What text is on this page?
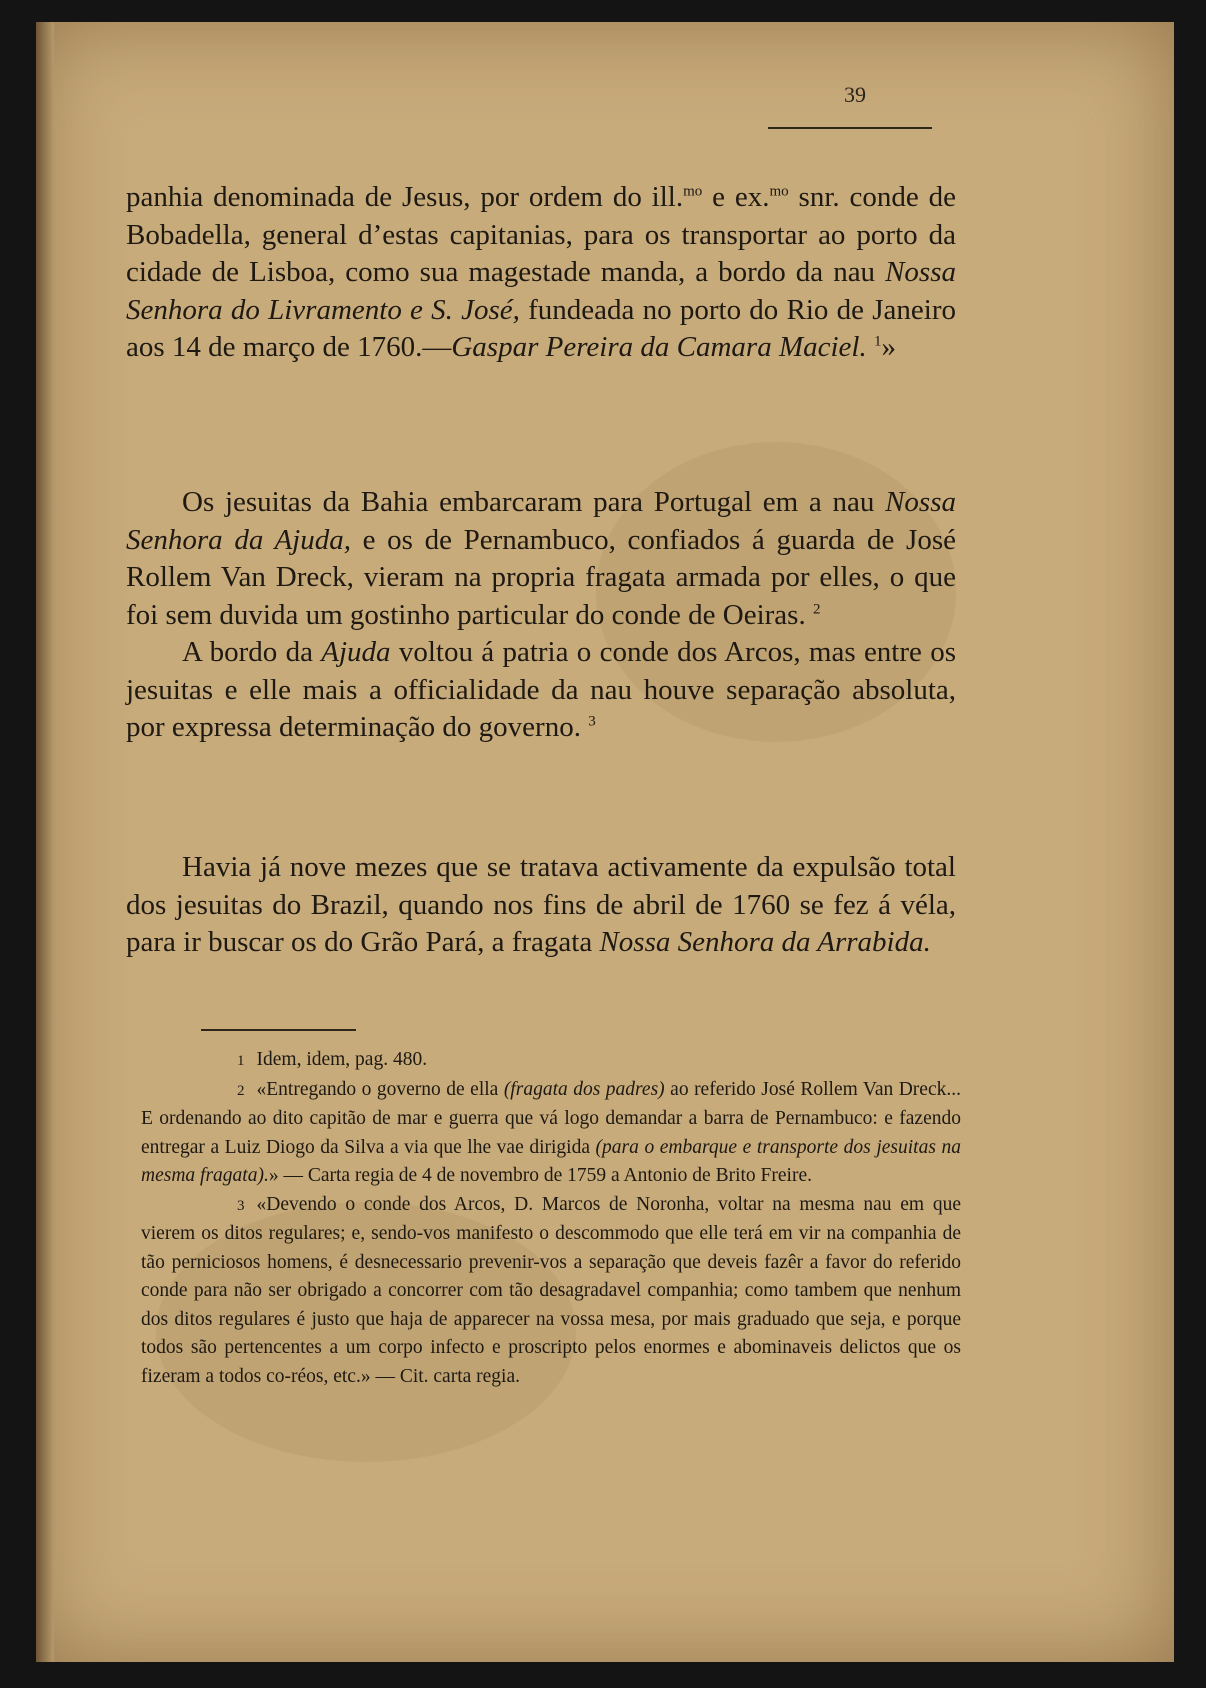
39

panhia denominada de Jesus, por ordem do ill.$^{mo}$ e ex.$^{mo}$ snr. conde de Bobadella, general d’estas capitanias, para os transportar ao porto da cidade de Lisboa, como sua magestade manda, a bordo da nau Nossa Senhora do Livramento e S. José, fundeada no porto do Rio de Janeiro aos 14 de março de 1760.—Gaspar Pereira da Camara Maciel. $^1$»

Os jesuitas da Bahia embarcaram para Portugal em a nau Nossa Senhora da Ajuda, e os de Pernambuco, confiados á guarda de José Rollem Van Dreck, vieram na propria fragata armada por elles, o que foi sem duvida um gostinho particular do conde de Oeiras. $^2$

A bordo da Ajuda voltou á patria o conde dos Arcos, mas entre os jesuitas e elle mais a officialidade da nau houve separação absoluta, por expressa determinação do governo. $^3$

Havia já nove mezes que se tratava activamente da expulsão total dos jesuitas do Brazil, quando nos fins de abril de 1760 se fez á véla, para ir buscar os do Grão Pará, a fragata Nossa Senhora da Arrabida.

1 Idem, idem, pag. 480.

2 «Entregando o governo de ella (fragata dos padres) ao referido José Rollem Van Dreck... E ordenando ao dito capitão de mar e guerra que vá logo demandar a barra de Pernambuco: e fazendo entregar a Luiz Diogo da Silva a via que lhe vae dirigida (para o embarque e transporte dos jesuitas na mesma fragata).» — Carta regia de 4 de novembro de 1759 a Antonio de Brito Freire.

3 «Devendo o conde dos Arcos, D. Marcos de Noronha, voltar na mesma nau em que vierem os ditos regulares; e, sendo-vos manifesto o descommodo que elle terá em vir na companhia de tão perniciosos homens, é desnecessario prevenir-vos a separação que deveis fazêr a favor do referido conde para não ser obrigado a concorrer com tão desagradavel companhia; como tambem que nenhum dos ditos regulares é justo que haja de apparecer na vossa mesa, por mais graduado que seja, e porque todos são pertencentes a um corpo infecto e proscripto pelos enormes e abominaveis delictos que os fizeram a todos co-réos, etc.» — Cit. carta regia.
